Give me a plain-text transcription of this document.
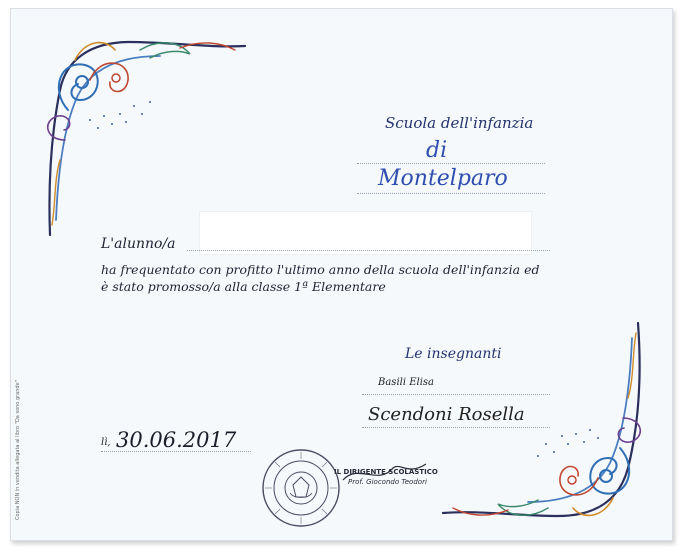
Copia NON in vendita allegata al libro "Da sono grande"
Scuola dell'infanzia
di
Montelparo
L'alunno/a
ha frequentato con profitto l'ultimo anno della scuola dell'infanzia ed
è stato promosso/a alla classe 1ª Elementare
Le insegnanti
Basili Elisa
Scendoni Rosella
lì, 30.06.2017
IL DIRIGENTE SCOLASTICO
Prof. Giocondo Teodori
